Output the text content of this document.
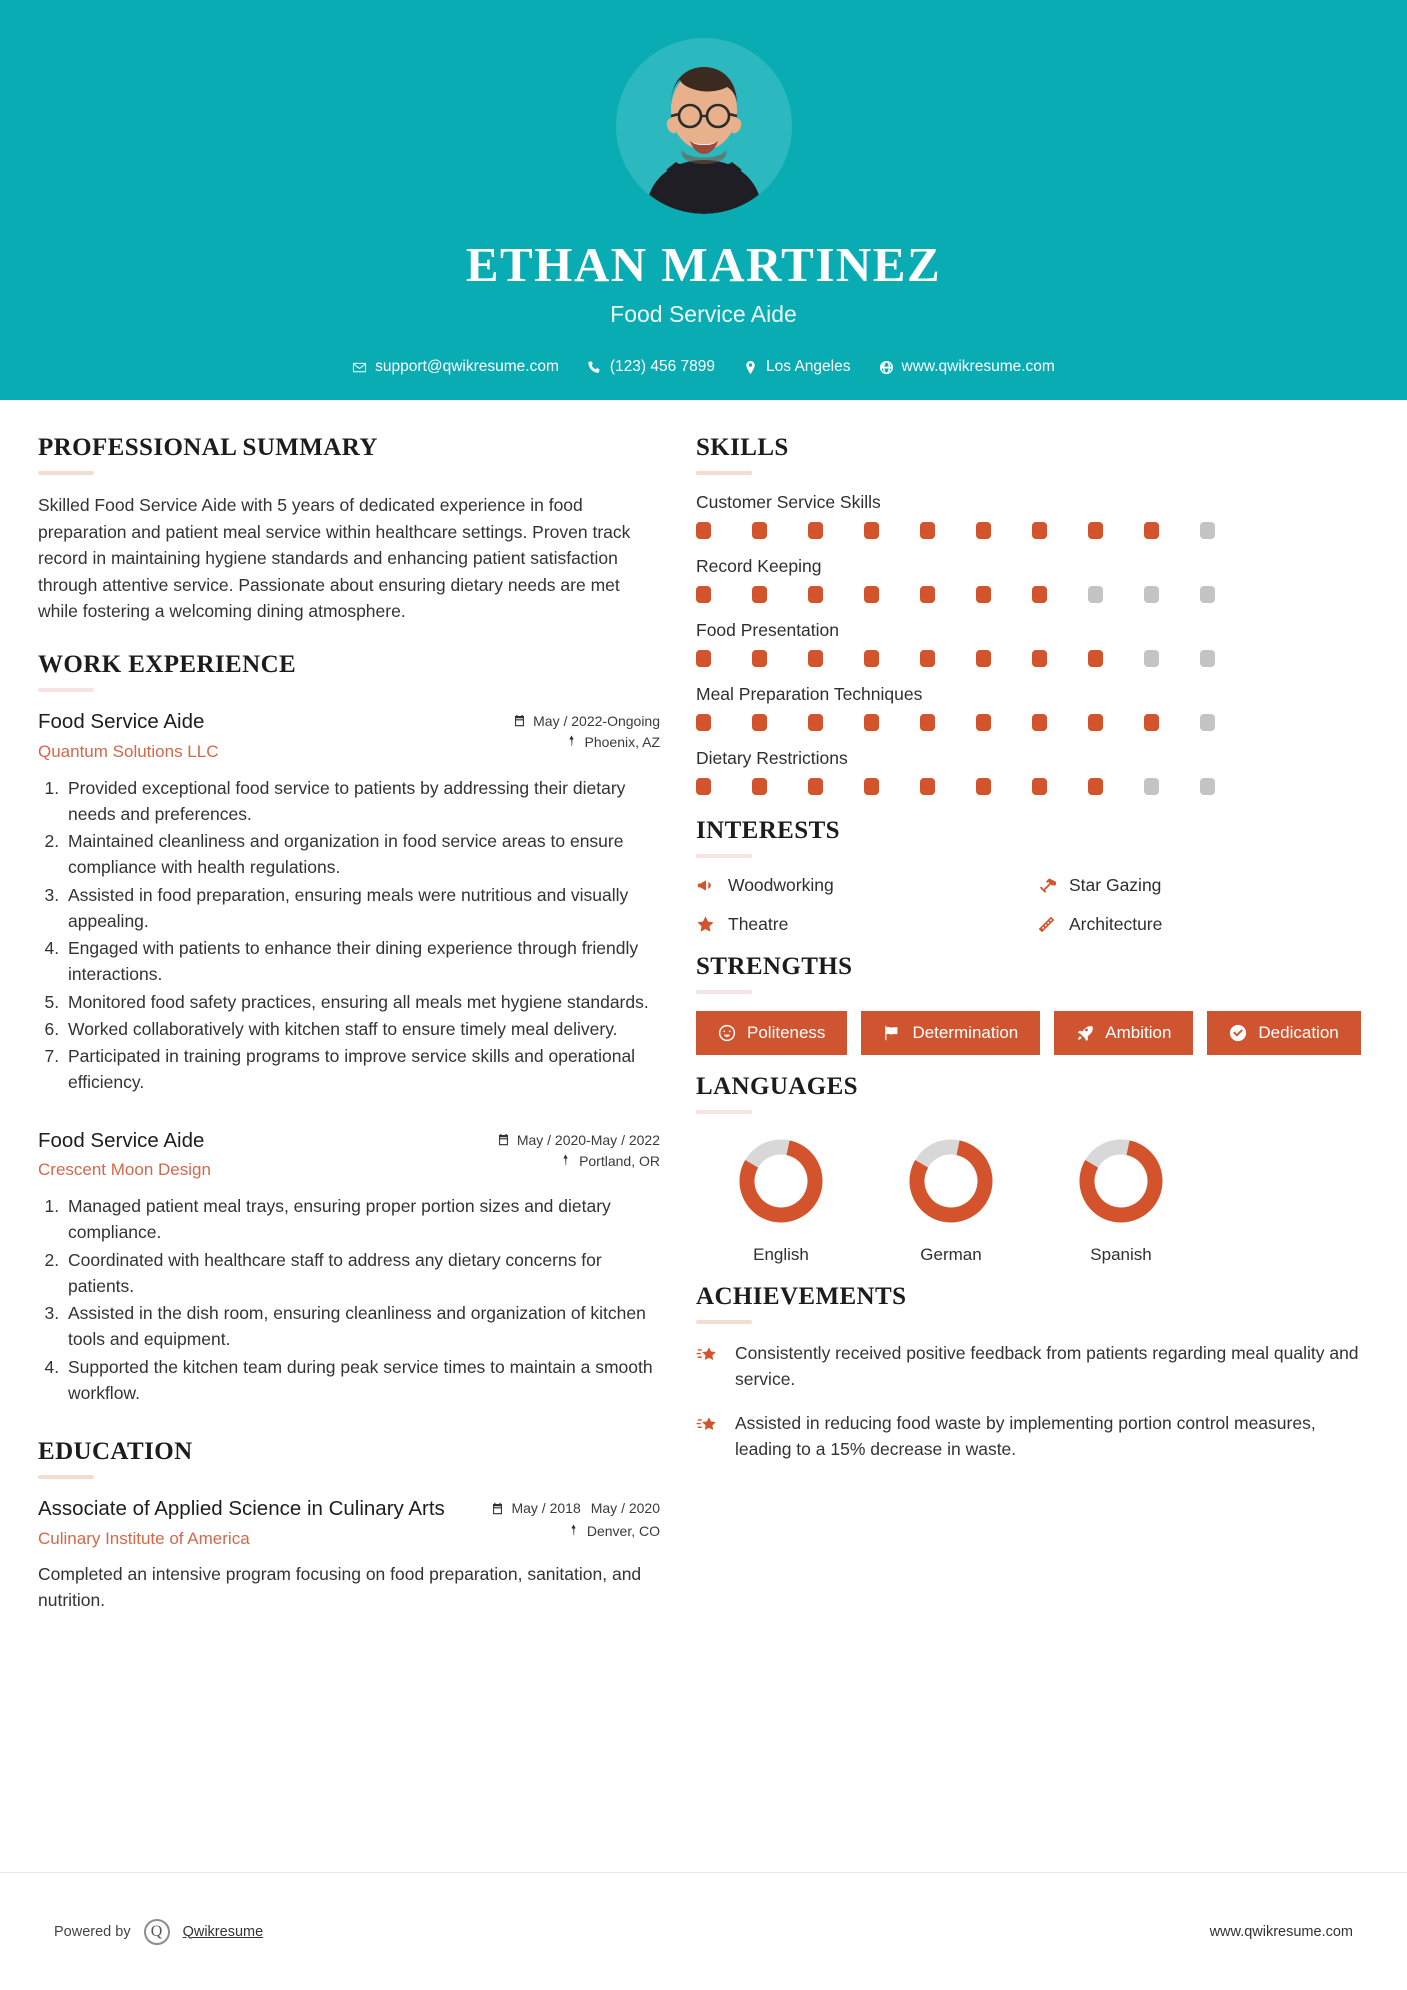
ETHAN MARTINEZ
Food Service Aide
support@qwikresume.com	(123) 456 7899	Los Angeles	www.qwikresume.com
PROFESSIONAL SUMMARY
Skilled Food Service Aide with 5 years of dedicated experience in food preparation and patient meal service within healthcare settings. Proven track record in maintaining hygiene standards and enhancing patient satisfaction through attentive service. Passionate about ensuring dietary needs are met while fostering a welcoming dining atmosphere.
WORK EXPERIENCE
Food Service Aide
Quantum Solutions LLC
May / 2022-Ongoing
Phoenix, AZ
1. Provided exceptional food service to patients by addressing their dietary needs and preferences.
2. Maintained cleanliness and organization in food service areas to ensure compliance with health regulations.
3. Assisted in food preparation, ensuring meals were nutritious and visually appealing.
4. Engaged with patients to enhance their dining experience through friendly interactions.
5. Monitored food safety practices, ensuring all meals met hygiene standards.
6. Worked collaboratively with kitchen staff to ensure timely meal delivery.
7. Participated in training programs to improve service skills and operational efficiency.
Food Service Aide
Crescent Moon Design
May / 2020-May / 2022
Portland, OR
1. Managed patient meal trays, ensuring proper portion sizes and dietary compliance.
2. Coordinated with healthcare staff to address any dietary concerns for patients.
3. Assisted in the dish room, ensuring cleanliness and organization of kitchen tools and equipment.
4. Supported the kitchen team during peak service times to maintain a smooth workflow.
EDUCATION
Associate of Applied Science in Culinary Arts
Culinary Institute of America
May / 2018 May / 2020
Denver, CO
Completed an intensive program focusing on food preparation, sanitation, and nutrition.
SKILLS
Customer Service Skills
Record Keeping
Food Presentation
Meal Preparation Techniques
Dietary Restrictions
INTERESTS
Woodworking	Star Gazing
Theatre	Architecture
STRENGTHS
Politeness	Determination	Ambition	Dedication
LANGUAGES
English	German	Spanish
ACHIEVEMENTS
Consistently received positive feedback from patients regarding meal quality and service.
Assisted in reducing food waste by implementing portion control measures, leading to a 15% decrease in waste.
Powered by	Q	Qwikresume	www.qwikresume.com
